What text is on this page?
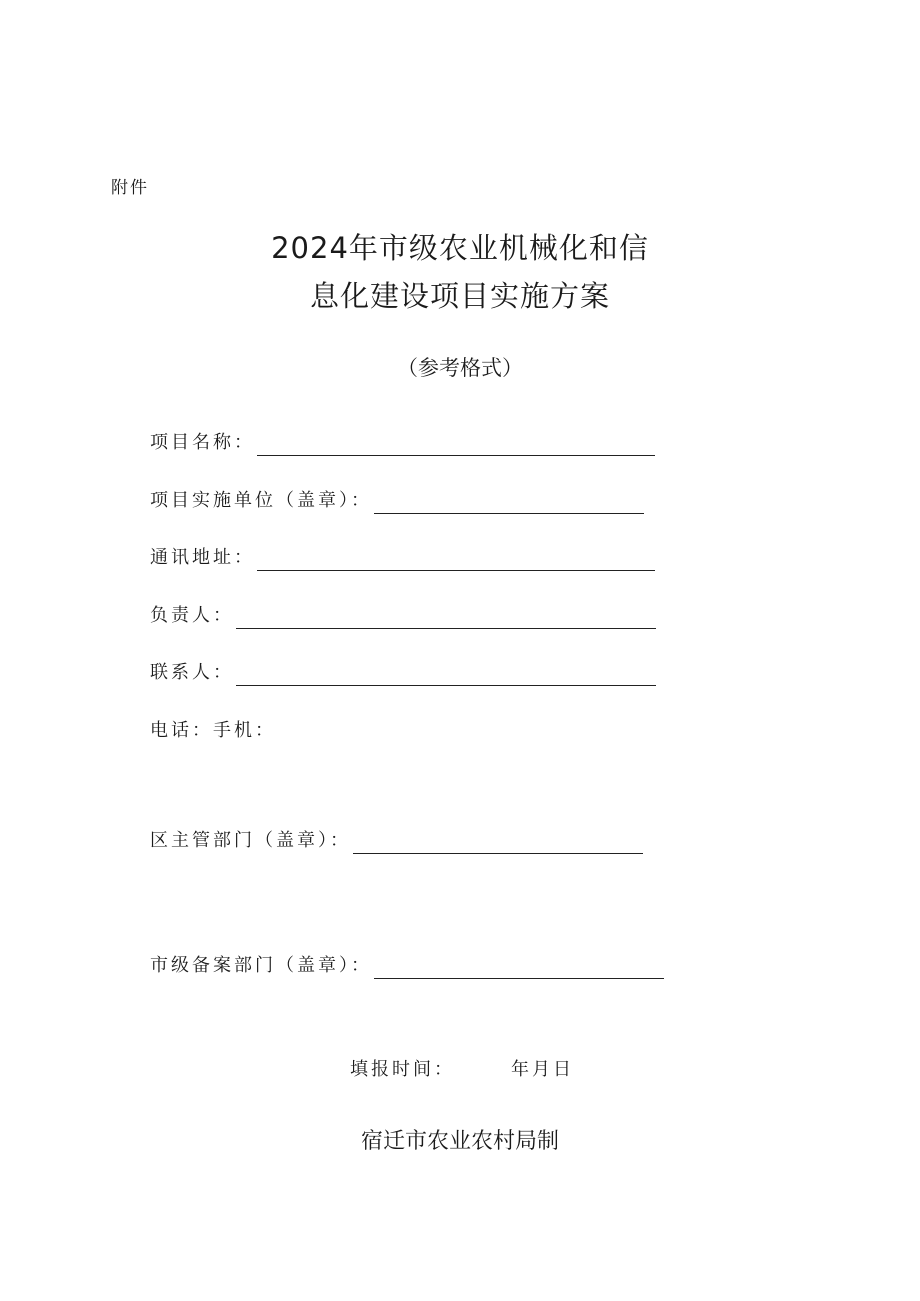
附件
2024年市级农业机械化和信
息化建设项目实施方案
（参考格式）
项目名称：
项目实施单位（盖章）：
通讯地址：
负责人：
联系人：
电话：手机：
区主管部门（盖章）：
市级备案部门（盖章）：
填报时间：	年月日
宿迁市农业农村局制
